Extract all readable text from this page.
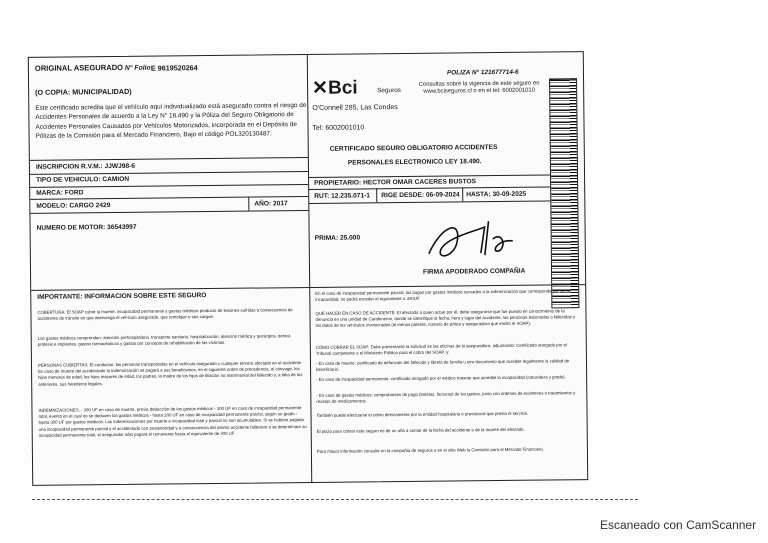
ORIGINAL ASEGURADO N° Folio E 9619520264
(O COPIA: MUNICIPALIDAD)
Este certificado acredita que el vehículo aquí individualizado está asegurado contra el riesgo de Accidentes Personales de acuerdo a la Ley N° 18.490 y la Póliza del Seguro Obligatorio de Accidentes Personales Causados por Vehículos Motorizados, incorporada en el Depósito de Pólizas de la Comisión para el Mercado Financiero, Bajo el código POL320130487.
✕Bci	Seguros
O'Connell 285, Las Condes
Tel: 6002001010
POLIZA N° 121677714-6
Consultas sobre la vigencia de este seguro en www.bciseguros.cl o en el tel: 6002001010
CERTIFICADO SEGURO OBLIGATORIO ACCIDENTES
PERSONALES ELECTRONICO LEY 18.490.
INSCRIPCION R.V.M.: JJWJ98-6
TIPO DE VEHICULO: CAMION
MARCA: FORD
MODELO: CARGO 2429	AÑO: 2017
NUMERO DE MOTOR: 36543997
PROPIETARIO: HECTOR OMAR CACERES BUSTOS
RUT: 12.235.071-1 RIGE DESDE: 06-09-2024 HASTA: 30-09-2025
PRIMA: 25.000
FIRMA APODERADO COMPAÑIA
IMPORTANTE: INFORMACION SOBRE ESTE SEGURO
COBERTURA: El SOAP cubre la muerte, incapacidad permanente y gastos médicos producto de lesiones sufridas a consecuencia de accidentes de tránsito en que intervenga el vehículo asegurado, que remolque o sea cargue.
Los gastos médicos comprenden: atención prehospitalaria, transporte sanitario, hospitalización, atención médica y quirúrgica, dental, prótesis e implantes, gastos farmacéuticos y gastos por concepto de rehabilitación de las víctimas.
PERSONAS CUBIERTAS: El conductor, las personas transportadas en el vehículo asegurado y cualquier tercero afectado en el accidente. En caso de muerte del accidentado la indemnización se pagará a sus beneficiarios, en el siguiente orden de precedencia: el cónyuge, los hijos menores de edad, los hijos mayores de edad, los padres, la madre de los hijos de filiación no matrimonial del fallecido y, a falta de los anteriores, sus herederos legales.
INDEMNIZACIONES: - 300 UF en caso de muerte, previa deducción de los gastos médicos - 300 UF en caso de incapacidad permanente total, evento en el cual no se deducen los gastos médicos - hasta 200 UF en caso de incapacidad permanente parcial, según su grado - hasta 300 UF por gastos médicos. Las indemnizaciones por muerte e incapacidad total y parcial no son acumulables. Si se hubiere pagado una incapacidad permanente parcial y el accidentado con posterioridad y a consecuencia del mismo accidente falleciere o se determinare su incapacidad permanente total, el asegurador sólo pagará el remanente hasta el equivalente de 300 UF.
En el caso de incapacidad permanente parcial, los pagos por gastos médicos sumados a la indemnización que corresponda por dicha incapacidad, no podrá exceder el equivalente a 300UF.
QUÉ HACER EN CASO DE ACCIDENTE: El afectado o quien actúe por él, debe asegurarse que fue puesto en conocimiento de la denuncia en una unidad de Carabineros, donde se identifique la fecha, hora y lugar del accidente, las personas lesionadas o fallecidas y los datos de los vehículos involucrados (al menos patente, número de póliza y aseguradora que emitió el SOAP).
CÓMO COBRAR EL SOAP: Debe presentarse la solicitud en las oficinas de la aseguradora, adjuntando: Certificado otorgado por el Tribunal competente o el Ministerio Público para el cobro del SOAP, y:
- En caso de muerte: certificado de defunción del fallecido y libreta de familia u otro documento que acredite legalmente la calidad de beneficiario.
- En caso de incapacidad permanente: certificado otorgado por el médico tratante que acredite la incapacidad (naturaleza y grado).
- En caso de gastos médicos: comprobantes de pago (boletas, facturas) de los gastos, junto con órdenes de exámenes o tratamientos y recetas de medicamentos.
También puede efectuarse el cobro directamente por la entidad hospitalaria o previsional que presta el servicio.
El plazo para cobrar este seguro es de un año a contar de la fecha del accidente o de la muerte del afectado.
Para mayor información consulte en la compañía de seguros o en el sitio Web la Comisión para el Mercado Financiero.
Escaneado con CamScanner
